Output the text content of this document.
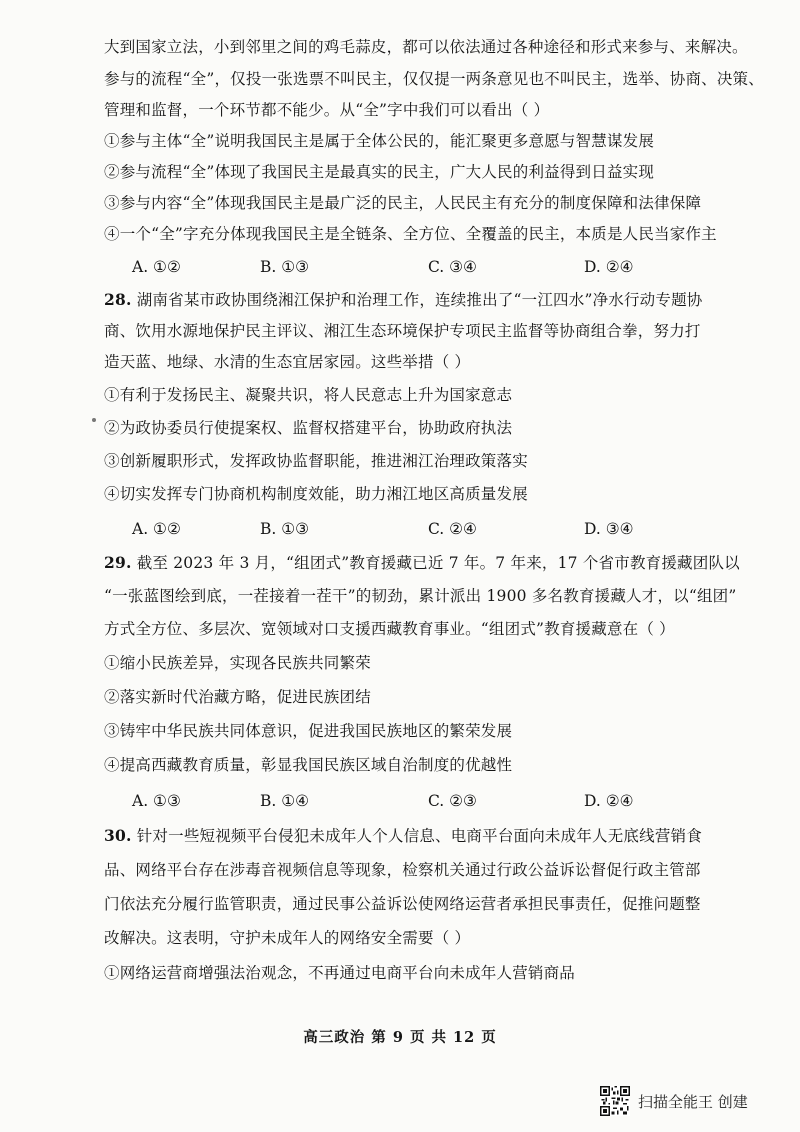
大到国家立法，小到邻里之间的鸡毛蒜皮，都可以依法通过各种途径和形式来参与、来解决。
参与的流程“全”，仅投一张选票不叫民主，仅仅提一两条意见也不叫民主，选举、协商、决策、
管理和监督，一个环节都不能少。从“全”字中我们可以看出（ ）
①参与主体“全”说明我国民主是属于全体公民的，能汇聚更多意愿与智慧谋发展
②参与流程“全”体现了我国民主是最真实的民主，广大人民的利益得到日益实现
③参与内容“全”体现我国民主是最广泛的民主，人民民主有充分的制度保障和法律保障
④一个“全”字充分体现我国民主是全链条、全方位、全覆盖的民主，本质是人民当家作主
A. ①②	B. ①③	C. ③④	D. ②④
28. 湖南省某市政协围绕湘江保护和治理工作，连续推出了“一江四水”净水行动专题协
商、饮用水源地保护民主评议、湘江生态环境保护专项民主监督等协商组合拳，努力打
造天蓝、地绿、水清的生态宜居家园。这些举措（ ）
①有利于发扬民主、凝聚共识，将人民意志上升为国家意志
②为政协委员行使提案权、监督权搭建平台，协助政府执法
③创新履职形式，发挥政协监督职能，推进湘江治理政策落实
④切实发挥专门协商机构制度效能，助力湘江地区高质量发展
A. ①②	B. ①③	C. ②④	D. ③④
29. 截至 2023 年 3 月，“组团式”教育援藏已近 7 年。7 年来，17 个省市教育援藏团队以
“一张蓝图绘到底，一茬接着一茬干”的韧劲，累计派出 1900 多名教育援藏人才，以“组团”
方式全方位、多层次、宽领域对口支援西藏教育事业。“组团式”教育援藏意在（ ）
①缩小民族差异，实现各民族共同繁荣
②落实新时代治藏方略，促进民族团结
③铸牢中华民族共同体意识，促进我国民族地区的繁荣发展
④提高西藏教育质量，彰显我国民族区域自治制度的优越性
A. ①③	B. ①④	C. ②③	D. ②④
30. 针对一些短视频平台侵犯未成年人个人信息、电商平台面向未成年人无底线营销食
品、网络平台存在涉毒音视频信息等现象，检察机关通过行政公益诉讼督促行政主管部
门依法充分履行监管职责，通过民事公益诉讼使网络运营者承担民事责任，促推问题整
改解决。这表明，守护未成年人的网络安全需要（ ）
①网络运营商增强法治观念，不再通过电商平台向未成年人营销商品
高三政治 第 9 页 共 12 页
扫描全能王 创建
